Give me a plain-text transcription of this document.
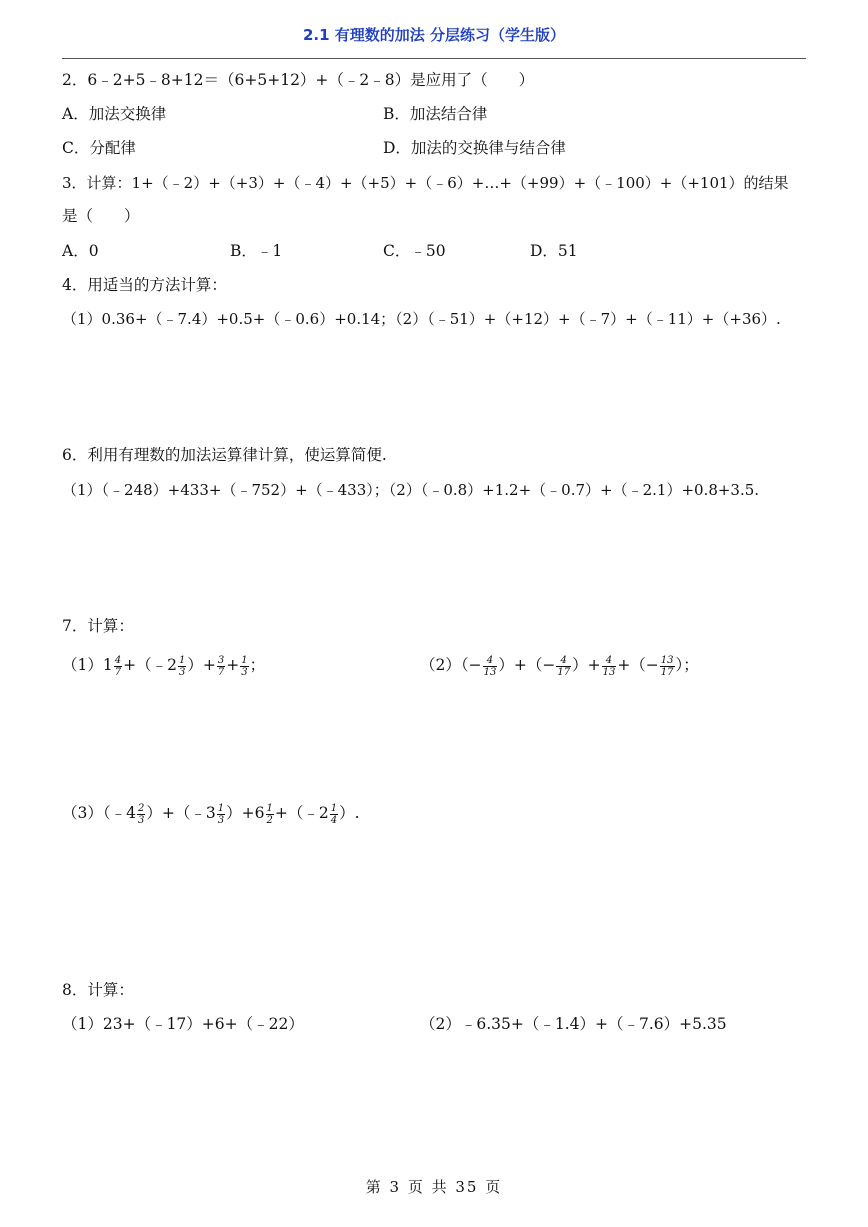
2.1 有理数的加法 分层练习（学生版）
2．6﹣2+5﹣8+12＝（6+5+12）+（﹣2﹣8）是应用了（　　）
A．加法交换律	B．加法结合律
C．分配律	D．加法的交换律与结合律
3．计算：1+（﹣2）+（+3）+（﹣4）+（+5）+（﹣6）+…+（+99）+（﹣100）+（+101）的结果
是（　　）
A．0	B．﹣1	C．﹣50	D．51
4．用适当的方法计算：
（1）0.36+（﹣7.4）+0.5+（﹣0.6）+0.14；（2）（﹣51）+（+12）+（﹣7）+（﹣11）+（+36）.
6．利用有理数的加法运算律计算，使运算简便.
（1）（﹣248）+433+（﹣752）+（﹣433）；（2）（﹣0.8）+1.2+（﹣0.7）+（﹣2.1）+0.8+3.5.
7．计算：
$(1)1 \frac{4}{7}$ +（﹣2 $\frac{1}{3}$ ）+ $\frac{3}{7} + \frac{1}{3}$ ；	$(2)(- \frac{4}{13}$ ）+（− $\frac{4}{17}$ ）+ $\frac{4}{13}$ +（− $\frac{13}{17}$ ）；
（3）（﹣4 $\frac{2}{3}$ ）+（﹣3 $\frac{1}{3} )+6 \frac{1}{2}$ +（﹣2 $\frac{1}{4}$ ）.
8．计算：
（1）23+（﹣17）+6+（﹣22）	（2）﹣6.35+（﹣1.4）+（﹣7.6）+5.35
第 3 页 共 35 页
